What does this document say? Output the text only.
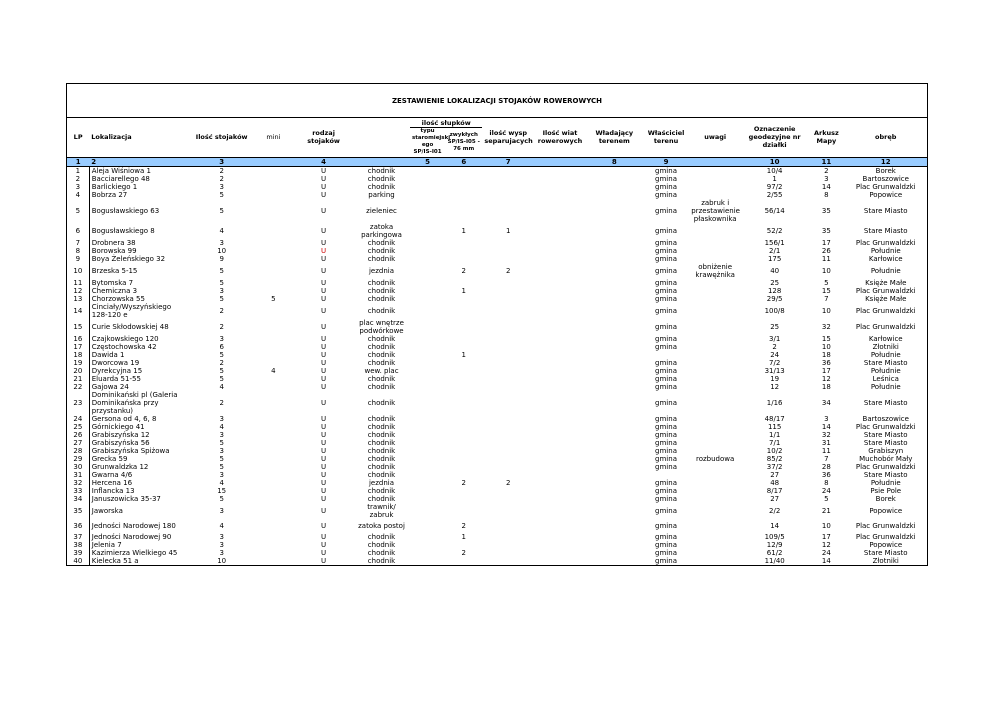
ZESTAWIENIE LOKALIZACJI STOJAKÓW ROWEROWYCH															
LP	Lokalizacja	Ilość stojaków	mini	rodzaj stojaków		ilość słupków		ilość wysp separujacych	Ilość wiat rowerowych	Władający terenem	Właściciel terenu	uwagi	Oznaczenie geodezyjne nr działki	Arkusz Mapy	obręb
						typu staromiejski ego SP/IS-I01	zwykłych SP/IS-I05 - 76 mm								

1	2	3		4		5	6	7		8	9		10	11	12
1	Aleja Wiśniowa 1	2		U	chodnik						gmina		10/4	2	Borek
2	Bacciarellego 48	2		U	chodnik						gmina		1	3	Bartoszowice
3	Barlickiego 1	3		U	chodnik						gmina		97/2	14	Plac Grunwaldzki
4	Bobrza 27	5		U	parking						gmina		2/55	8	Popowice
5	Bogusławskiego 63	5		U	zieleniec						gmina	zabruk i przestawienie płaskownika	56/14	35	Stare Miasto
6	Bogusławskiego 8	4		U	zatoka parkingowa		1	1			gmina		52/2	35	Stare Miasto
7	Drobnera 38	3		U	chodnik						gmina		156/1	17	Plac Grunwaldzki
8	Borowska 99	10		U	chodnik						gmina		2/1	26	Południe
9	Boya Żeleńskiego 32	9		U	chodnik						gmina		175	11	Karłowice
10	Brzeska 5-15	5		U	jezdnia		2	2			gmina	obniżenie krawężnika	40	10	Południe
11	Bytomska 7	5		U	chodnik						gmina		25	5	Księże Małe
12	Chemiczna 3	3		U	chodnik		1				gmina		128	15	Plac Grunwaldzki
13	Chorzowska 55	5	5	U	chodnik						gmina		29/5	7	Księże Małe
14	Cinciały/Wyszyńskiego 128-120 e	2		U	chodnik						gmina		100/8	10	Plac Grunwaldzki
15	Curie Skłodowskiej 48	2		U	plac wnętrze podwórkowe						gmina		25	32	Plac Grunwaldzki
16	Czajkowskiego 120	3		U	chodnik						gmina		3/1	15	Karłowice
17	Częstochowska 42	6		U	chodnik						gmina		2	10	Złotniki
18	Dawida 1	5		U	chodnik		1						24	18	Południe
19	Dworcowa 19	2		U	chodnik						gmina		7/2	36	Stare Miasto
20	Dyrekcyjna 15	5	4	U	wew. plac						gmina		31/13	17	Południe
21	Eluarda 51-55	5		U	chodnik						gmina		19	12	Leśnica
22	Gajowa 24	4		U	chodnik						gmina		12	18	Południe
23	Dominikański pl (Galeria Dominikańska przy przystanku)	2		U	chodnik						gmina		1/16	34	Stare Miasto
24	Gersona od 4, 6, 8	3		U	chodnik						gmina		48/17	3	Bartoszowice
25	Górnickiego 41	4		U	chodnik						gmina		115	14	Plac Grunwaldzki
26	Grabiszyńska 12	3		U	chodnik						gmina		1/1	32	Stare Miasto
27	Grabiszyńska 56	5		U	chodnik						gmina		7/1	31	Stare Miasto
28	Grabiszyńska Spiżowa	3		U	chodnik						gmina		10/2	11	Grabiszyn
29	Grecka 59	5		U	chodnik						gmina	rozbudowa	85/2	7	Muchobór Mały
30	Grunwaldzka 12	5		U	chodnik						gmina		37/2	28	Plac Grunwaldzki
31	Gwarna 4/6	3		U	chodnik								27	36	Stare Miasto
32	Hercena 16	4		U	jezdnia		2	2			gmina		48	8	Południe
33	Inflancka 13	15		U	chodnik						gmina		8/17	24	Psie Pole
34	Januszowicka 35-37	5		U	chodnik						gmina		27	5	Borek
35	Jaworska	3		U	trawnik/ zabruk						gmina		2/2	21	Popowice
36	Jedności Narodowej 180	4		U	zatoka postoj		2				gmina		14	10	Plac Grunwaldzki
37	Jedności Narodowej 90	3		U	chodnik		1				gmina		109/5	17	Plac Grunwaldzki
38	Jelenia 7	3		U	chodnik						gmina		12/9	12	Popowice
39	Kazimierza Wielkiego 45	3		U	chodnik		2				gmina		61/2	24	Stare Miasto
40	Kielecka 51 a	10		U	chodnik						gmina		11/40	14	Złotniki
